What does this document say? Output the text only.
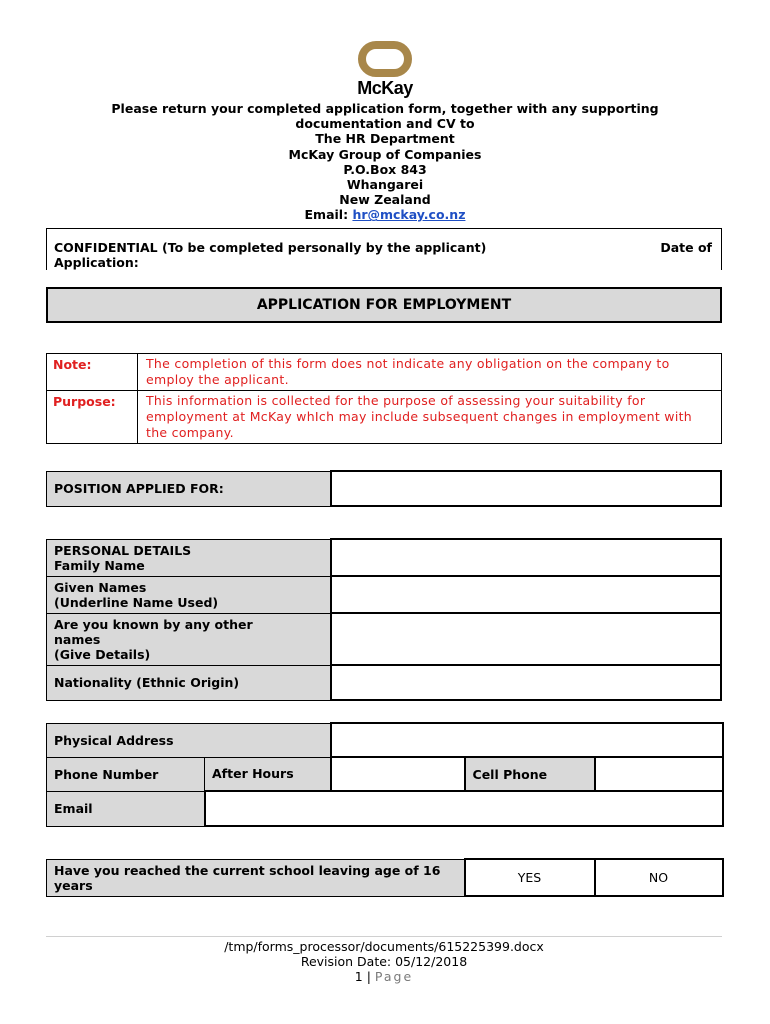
McKay
Please return your completed application form, together with any supporting
documentation and CV to
The HR Department
McKay Group of Companies
P.O.Box 843
Whangarei
New Zealand
Email: hr@mckay.co.nz
CONFIDENTIAL (To be completed personally by the applicant)
Application:
Date of
APPLICATION FOR EMPLOYMENT
Note:	The completion of this form does not indicate any obligation on the company to employ the applicant.
Purpose:	This information is collected for the purpose of assessing your suitability for employment at McKay whIch may include subsequent changes in employment with the company.
POSITION APPLIED FOR:	
PERSONAL DETAILS
Family Name	

Given Names
(Underline Name Used)	

Are you known by any other
names
(Give Details)	

Nationality (Ethnic Origin)	
Physical Address				
Phone Number	After Hours		Cell Phone	
Email				
Have you reached the current school leaving age of 16 years	YES	NO
/tmp/forms_processor/documents/615225399.docx
Revision Date: 05/12/2018
1 | Page
